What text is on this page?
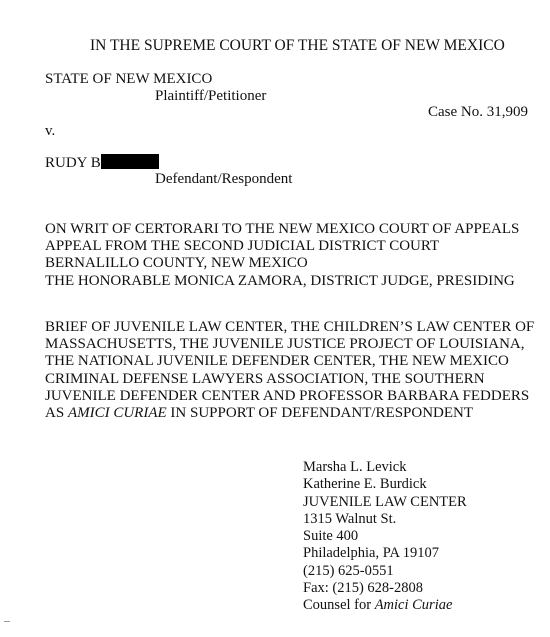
IN THE SUPREME COURT OF THE STATE OF NEW MEXICO
STATE OF NEW MEXICO
Plaintiff/Petitioner
Case No. 31,909
v.
RUDY B
Defendant/Respondent
ON WRIT OF CERTORARI TO THE NEW MEXICO COURT OF APPEALS
APPEAL FROM THE SECOND JUDICIAL DISTRICT COURT
BERNALILLO COUNTY, NEW MEXICO
THE HONORABLE MONICA ZAMORA, DISTRICT JUDGE, PRESIDING
BRIEF OF JUVENILE LAW CENTER, THE CHILDREN’S LAW CENTER OF
MASSACHUSETTS, THE JUVENILE JUSTICE PROJECT OF LOUISIANA,
THE NATIONAL JUVENILE DEFENDER CENTER, THE NEW MEXICO
CRIMINAL DEFENSE LAWYERS ASSOCIATION, THE SOUTHERN
JUVENILE DEFENDER CENTER AND PROFESSOR BARBARA FEDDERS
AS AMICI CURIAE IN SUPPORT OF DEFENDANT/RESPONDENT
Marsha L. Levick
Katherine E. Burdick
JUVENILE LAW CENTER
1315 Walnut St.
Suite 400
Philadelphia, PA 19107
(215) 625-0551
Fax: (215) 628-2808
Counsel for Amici Curiae
